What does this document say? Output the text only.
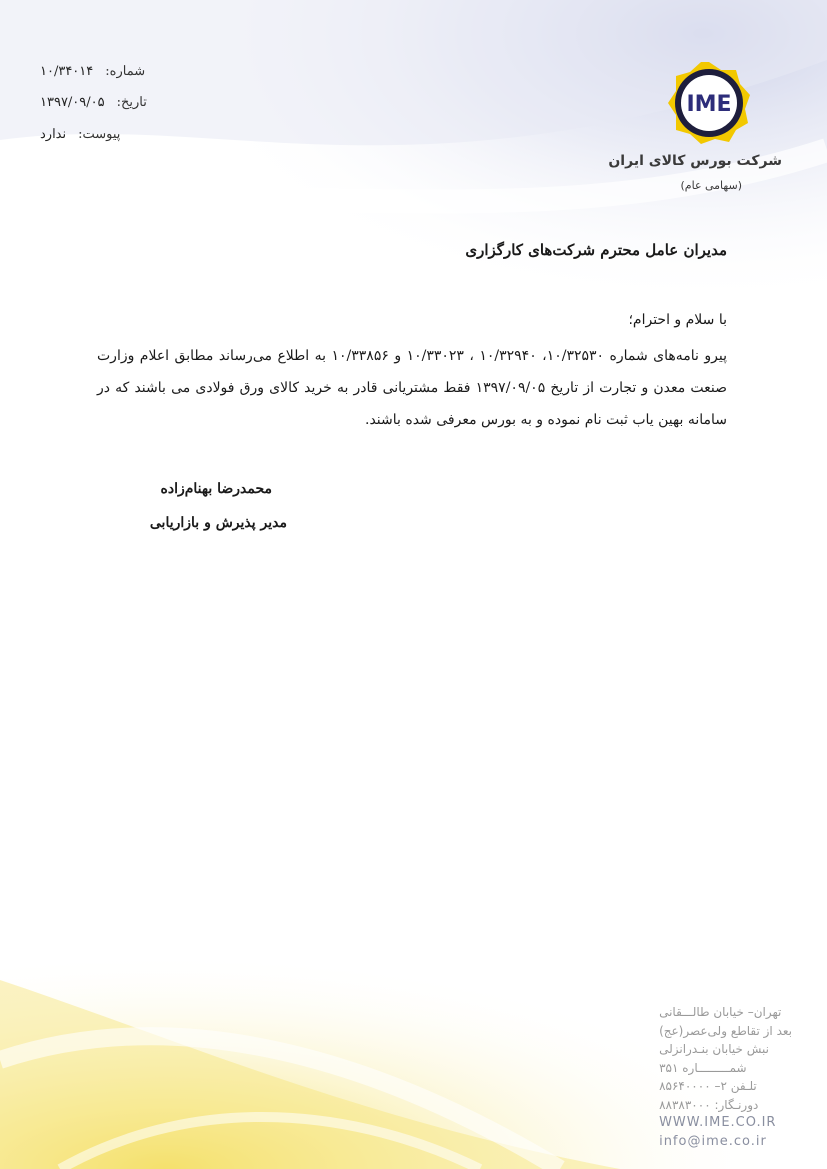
شماره:
۱۰/۳۴۰۱۴
تاریخ:
۱۳۹۷/۰۹/۰۵
پیوست:
ندارد
IME
شرکت بورس کالای ایران
(سهامی عام)
مدیران عامل محترم شرکت‌های کارگزاری
با سلام و احترام؛
پیرو نامه‌های شماره ۱۰/۳۲۵۳۰، ۱۰/۳۲۹۴۰ ، ۱۰/۳۳۰۲۳ و ۱۰/۳۳۸۵۶ به اطلاع می‌رساند مطابق اعلام وزارت صنعت معدن و تجارت از تاریخ ۱۳۹۷/۰۹/۰۵ فقط مشتریانی قادر به خرید کالای ورق فولادی می باشند که در سامانه بهین یاب ثبت نام نموده و به بورس معرفی شده باشند.
محمدرضا بهنام‌زاده
مدیر پذیرش و بازاریابی
تهران– خیابان طالـــقانی
بعد از تقاطع ولی‌عصر(عج)
نبش خیابان بنـدرانزلی
شمـــــــــاره ۳۵۱
تلـفن ۲– ۸۵۶۴۰۰۰۰
دورنـگار: ۸۸۳۸۳۰۰۰
WWW.IME.CO.IR
info@ime.co.ir
